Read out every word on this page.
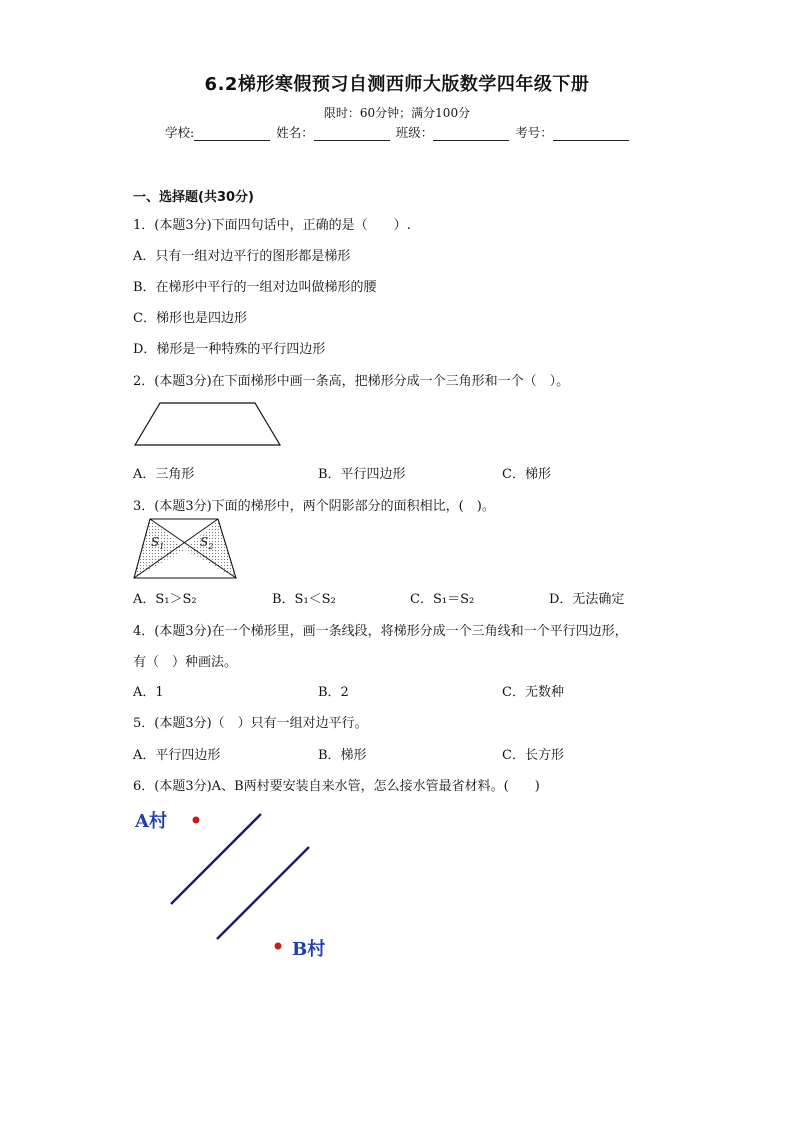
6.2梯形寒假预习自测西师大版数学四年级下册
限时：60分钟；满分100分
学校:	姓名：	班级：	考号：
一、选择题(共30分)
1．(本题3分)下面四句话中，正确的是（　　）.
A．只有一组对边平行的图形都是梯形
B．在梯形中平行的一组对边叫做梯形的腰
C．梯形也是四边形
D．梯形是一种特殊的平行四边形
2．(本题3分)在下面梯形中画一条高，把梯形分成一个三角形和一个（　）。
A．三角形	B．平行四边形	C．梯形
3．(本题3分)下面的梯形中，两个阴影部分的面积相比，(　)。
$S_1$	$S_2$
A．S₁＞S₂	B．S₁＜S₂	C．S₁＝S₂	D．无法确定
4．(本题3分)在一个梯形里，画一条线段，将梯形分成一个三角线和一个平行四边形，
有（　）种画法。
A．1	B．2	C．无数种
5．(本题3分)（　）只有一组对边平行。
A．平行四边形	B．梯形	C．长方形
6．(本题3分)A、B两村要安装自来水管，怎么接水管最省材料。(　　)
A村
B村
